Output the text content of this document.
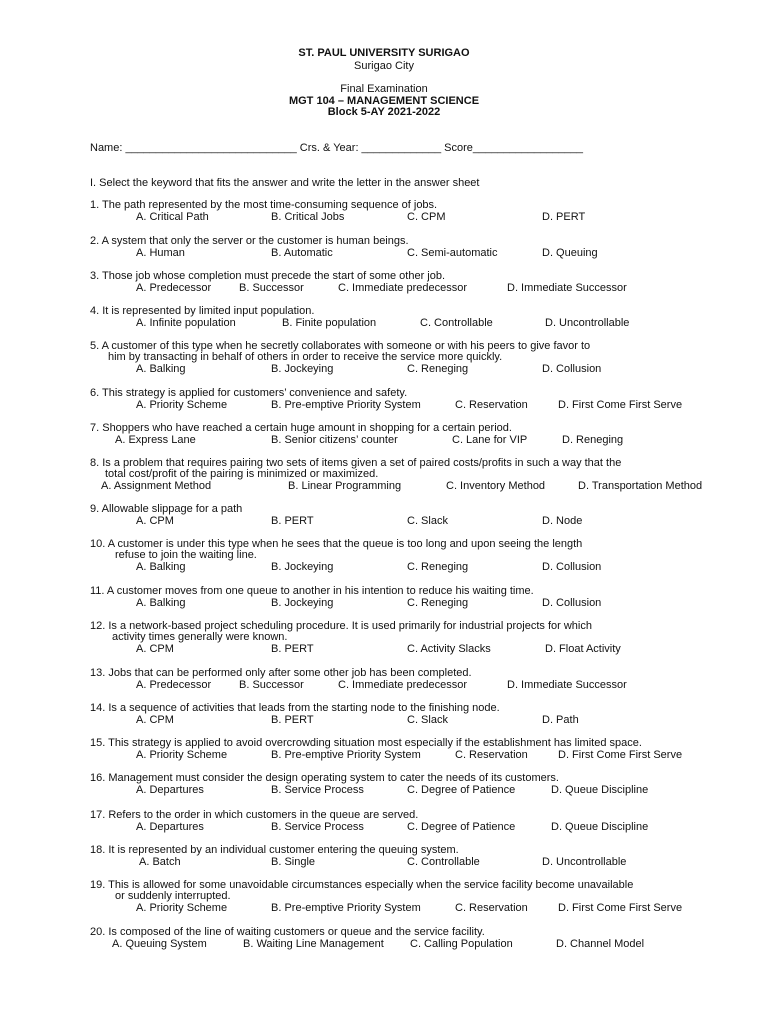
ST. PAUL UNIVERSITY SURIGAO
Surigao City
Final Examination
MGT 104 – MANAGEMENT SCIENCE
Block 5-AY 2021-2022
Name: ____________________________ Crs. & Year: _____________ Score__________________
I. Select the keyword that fits the answer and write the letter in the answer sheet
1. The path represented by the most time-consuming sequence of jobs.
A. Critical Path	B. Critical Jobs	C. CPM	D. PERT
2. A system that only the server or the customer is human beings.
A. Human	B. Automatic	C. Semi-automatic	D. Queuing
3. Those job whose completion must precede the start of some other job.
A. Predecessor	B. Successor	C. Immediate predecessor	D. Immediate Successor
4. It is represented by limited input population.
A. Infinite population	B. Finite population	C. Controllable	D. Uncontrollable
5. A customer of this type when he secretly collaborates with someone or with his peers to give favor to
him by transacting in behalf of others in order to receive the service more quickly.
A. Balking	B. Jockeying	C. Reneging	D. Collusion
6. This strategy is applied for customers’ convenience and safety.
A. Priority Scheme	B. Pre-emptive Priority System	C. Reservation	D. First Come First Serve
7. Shoppers who have reached a certain huge amount in shopping for a certain period.
A. Express Lane	B. Senior citizens’ counter	C. Lane for VIP	D. Reneging
8. Is a problem that requires pairing two sets of items given a set of paired costs/profits in such a way that the
total cost/profit of the pairing is minimized or maximized.
A. Assignment Method	B. Linear Programming	C. Inventory Method	D. Transportation Method
9. Allowable slippage for a path
A. CPM	B. PERT	C. Slack	D. Node
10. A customer is under this type when he sees that the queue is too long and upon seeing the length
refuse to join the waiting line.
A. Balking	B. Jockeying	C. Reneging	D. Collusion
11. A customer moves from one queue to another in his intention to reduce his waiting time.
A. Balking	B. Jockeying	C. Reneging	D. Collusion
12. Is a network-based project scheduling procedure. It is used primarily for industrial projects for which
activity times generally were known.
A. CPM	B. PERT	C. Activity Slacks	D. Float Activity
13. Jobs that can be performed only after some other job has been completed.
A. Predecessor	B. Successor	C. Immediate predecessor	D. Immediate Successor
14. Is a sequence of activities that leads from the starting node to the finishing node.
A. CPM	B. PERT	C. Slack	D. Path
15. This strategy is applied to avoid overcrowding situation most especially if the establishment has limited space.
A. Priority Scheme	B. Pre-emptive Priority System	C. Reservation	D. First Come First Serve
16. Management must consider the design operating system to cater the needs of its customers.
A. Departures	B. Service Process	C. Degree of Patience	D. Queue Discipline
17. Refers to the order in which customers in the queue are served.
A. Departures	B. Service Process	C. Degree of Patience	D. Queue Discipline
18. It is represented by an individual customer entering the queuing system.
A. Batch	B. Single	C. Controllable	D. Uncontrollable
19. This is allowed for some unavoidable circumstances especially when the service facility become unavailable
or suddenly interrupted.
A. Priority Scheme	B. Pre-emptive Priority System	C. Reservation	D. First Come First Serve
20. Is composed of the line of waiting customers or queue and the service facility.
A. Queuing System	B. Waiting Line Management C. Calling Population	D. Channel Model
